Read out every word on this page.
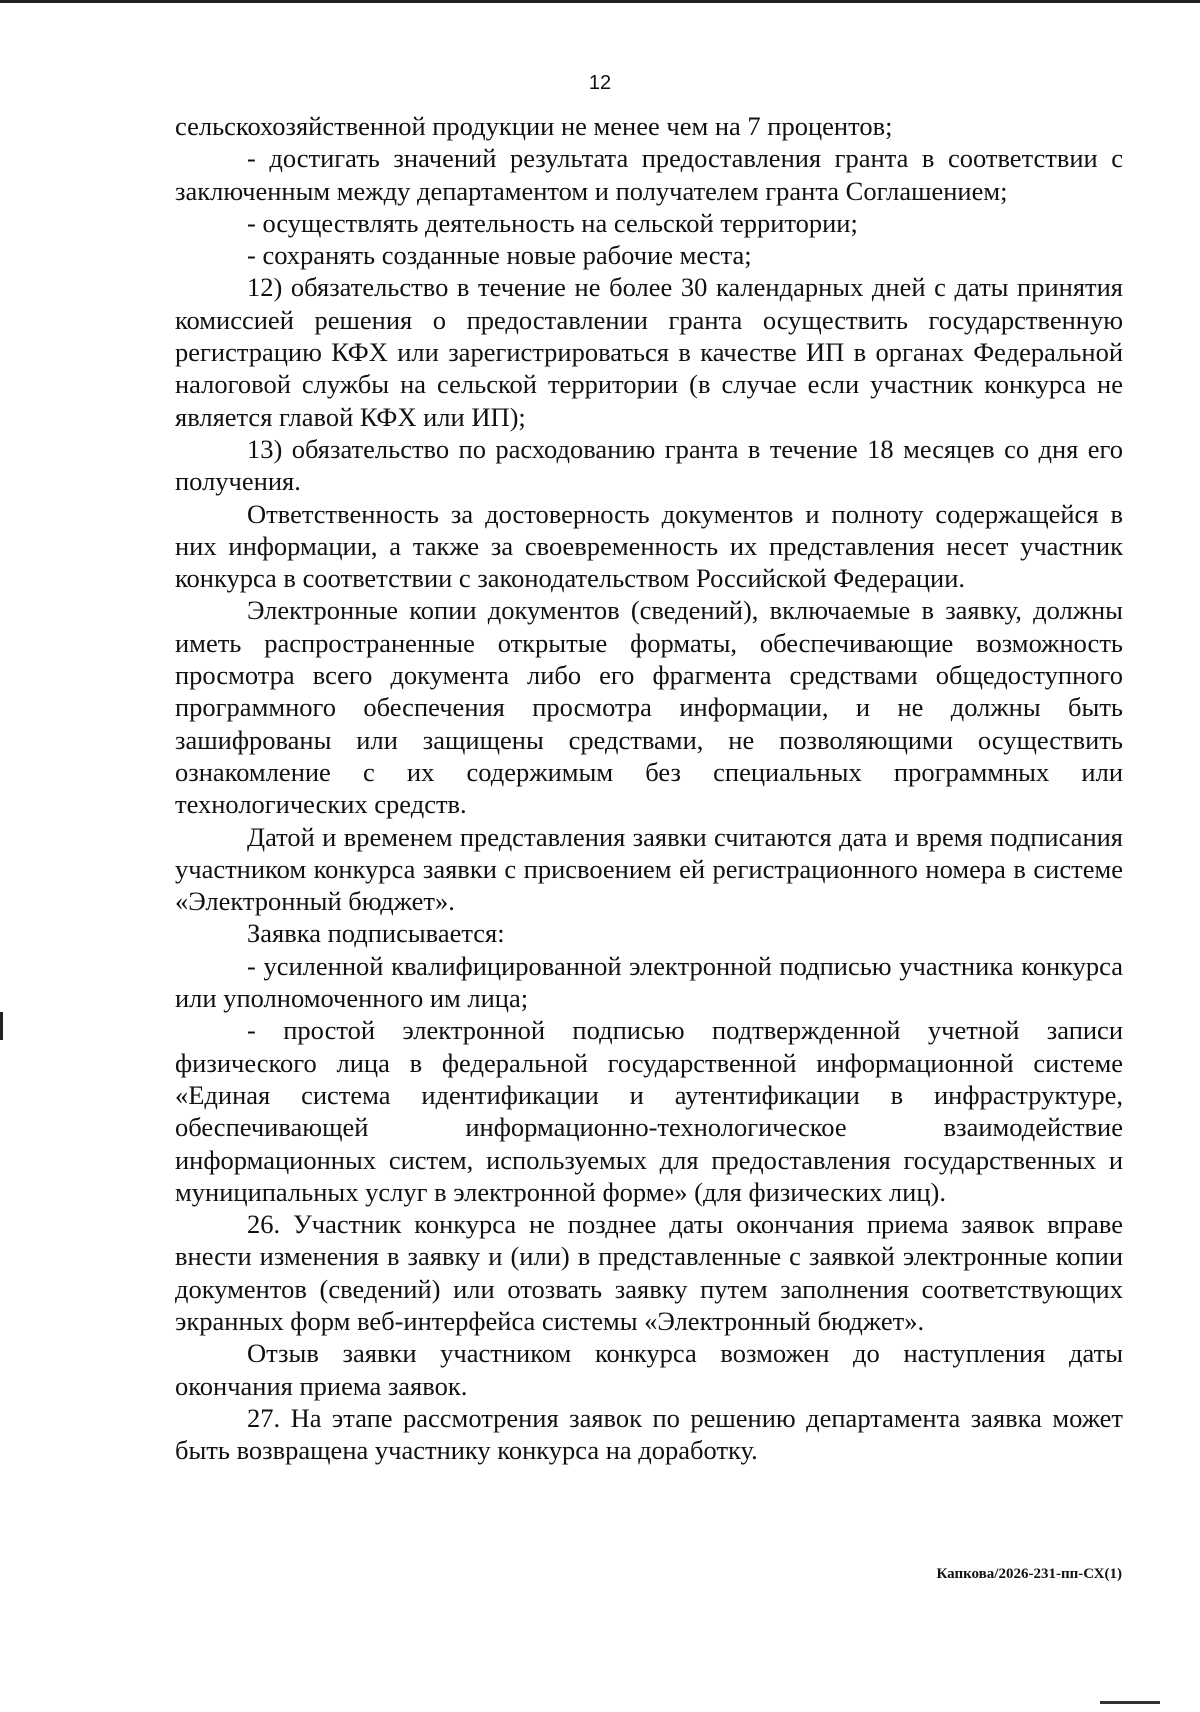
12

сельскохозяйственной продукции не менее чем на 7 процентов;

- достигать значений результата предоставления гранта в соответствии с заключенным между департаментом и получателем гранта Соглашением;

- осуществлять деятельность на сельской территории;

- сохранять созданные новые рабочие места;

12) обязательство в течение не более 30 календарных дней с даты принятия комиссией решения о предоставлении гранта осуществить государственную регистрацию КФХ или зарегистрироваться в качестве ИП в органах Федеральной налоговой службы на сельской территории (в случае если участник конкурса не является главой КФХ или ИП);

13) обязательство по расходованию гранта в течение 18 месяцев со дня его получения.

Ответственность за достоверность документов и полноту содержащейся в них информации, а также за своевременность их представления несет участник конкурса в соответствии с законодательством Российской Федерации.

Электронные копии документов (сведений), включаемые в заявку, должны иметь распространенные открытые форматы, обеспечивающие возможность просмотра всего документа либо его фрагмента средствами общедоступного программного обеспечения просмотра информации, и не должны быть зашифрованы или защищены средствами, не позволяющими осуществить ознакомление с их содержимым без специальных программных или технологических средств.

Датой и временем представления заявки считаются дата и время подписания участником конкурса заявки с присвоением ей регистрационного номера в системе «Электронный бюджет».

Заявка подписывается:

- усиленной квалифицированной электронной подписью участника конкурса или уполномоченного им лица;

- простой электронной подписью подтвержденной учетной записи физического лица в федеральной государственной информационной системе «Единая система идентификации и аутентификации в инфраструктуре, обеспечивающей информационно-технологическое взаимодействие информационных систем, используемых для предоставления государственных и муниципальных услуг в электронной форме» (для физических лиц).

26. Участник конкурса не позднее даты окончания приема заявок вправе внести изменения в заявку и (или) в представленные с заявкой электронные копии документов (сведений) или отозвать заявку путем заполнения соответствующих экранных форм веб-интерфейса системы «Электронный бюджет».

Отзыв заявки участником конкурса возможен до наступления даты окончания приема заявок.

27. На этапе рассмотрения заявок по решению департамента заявка может быть возвращена участнику конкурса на доработку.

Капкова/2026-231-пп-СХ(1)
